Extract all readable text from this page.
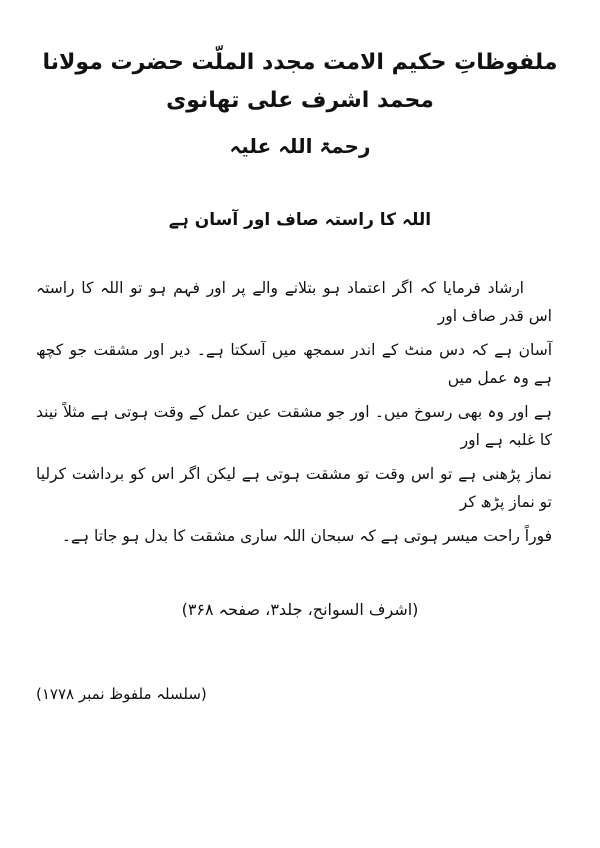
ملفوظاتِ حکیم الامت مجدد الملّت حضرت مولانا محمد اشرف علی تھانوی
رحمۃ اللہ علیہ
اللہ کا راستہ صاف اور آسان ہے
ارشاد فرمایا کہ اگر اعتماد ہو بتلانے والے پر اور فہم ہو تو اللہ کا راستہ اس قدر صاف اور
آسان ہے کہ دس منٹ کے اندر سمجھ میں آسکتا ہے۔ دیر اور مشقت جو کچھ ہے وہ عمل میں
ہے اور وہ بھی رسوخ میں۔ اور جو مشقت عین عمل کے وقت ہوتی ہے مثلاً نیند کا غلبہ ہے اور
نماز پڑھنی ہے تو اس وقت تو مشقت ہوتی ہے لیکن اگر اس کو برداشت کرلیا تو نماز پڑھ کر
فوراً راحت میسر ہوتی ہے کہ سبحان اللہ ساری مشقت کا بدل ہو جاتا ہے۔
(اشرف السوانح، جلد۳، صفحہ ۳۶۸)
(سلسلہ ملفوظ نمبر ۱۷۷۸)
